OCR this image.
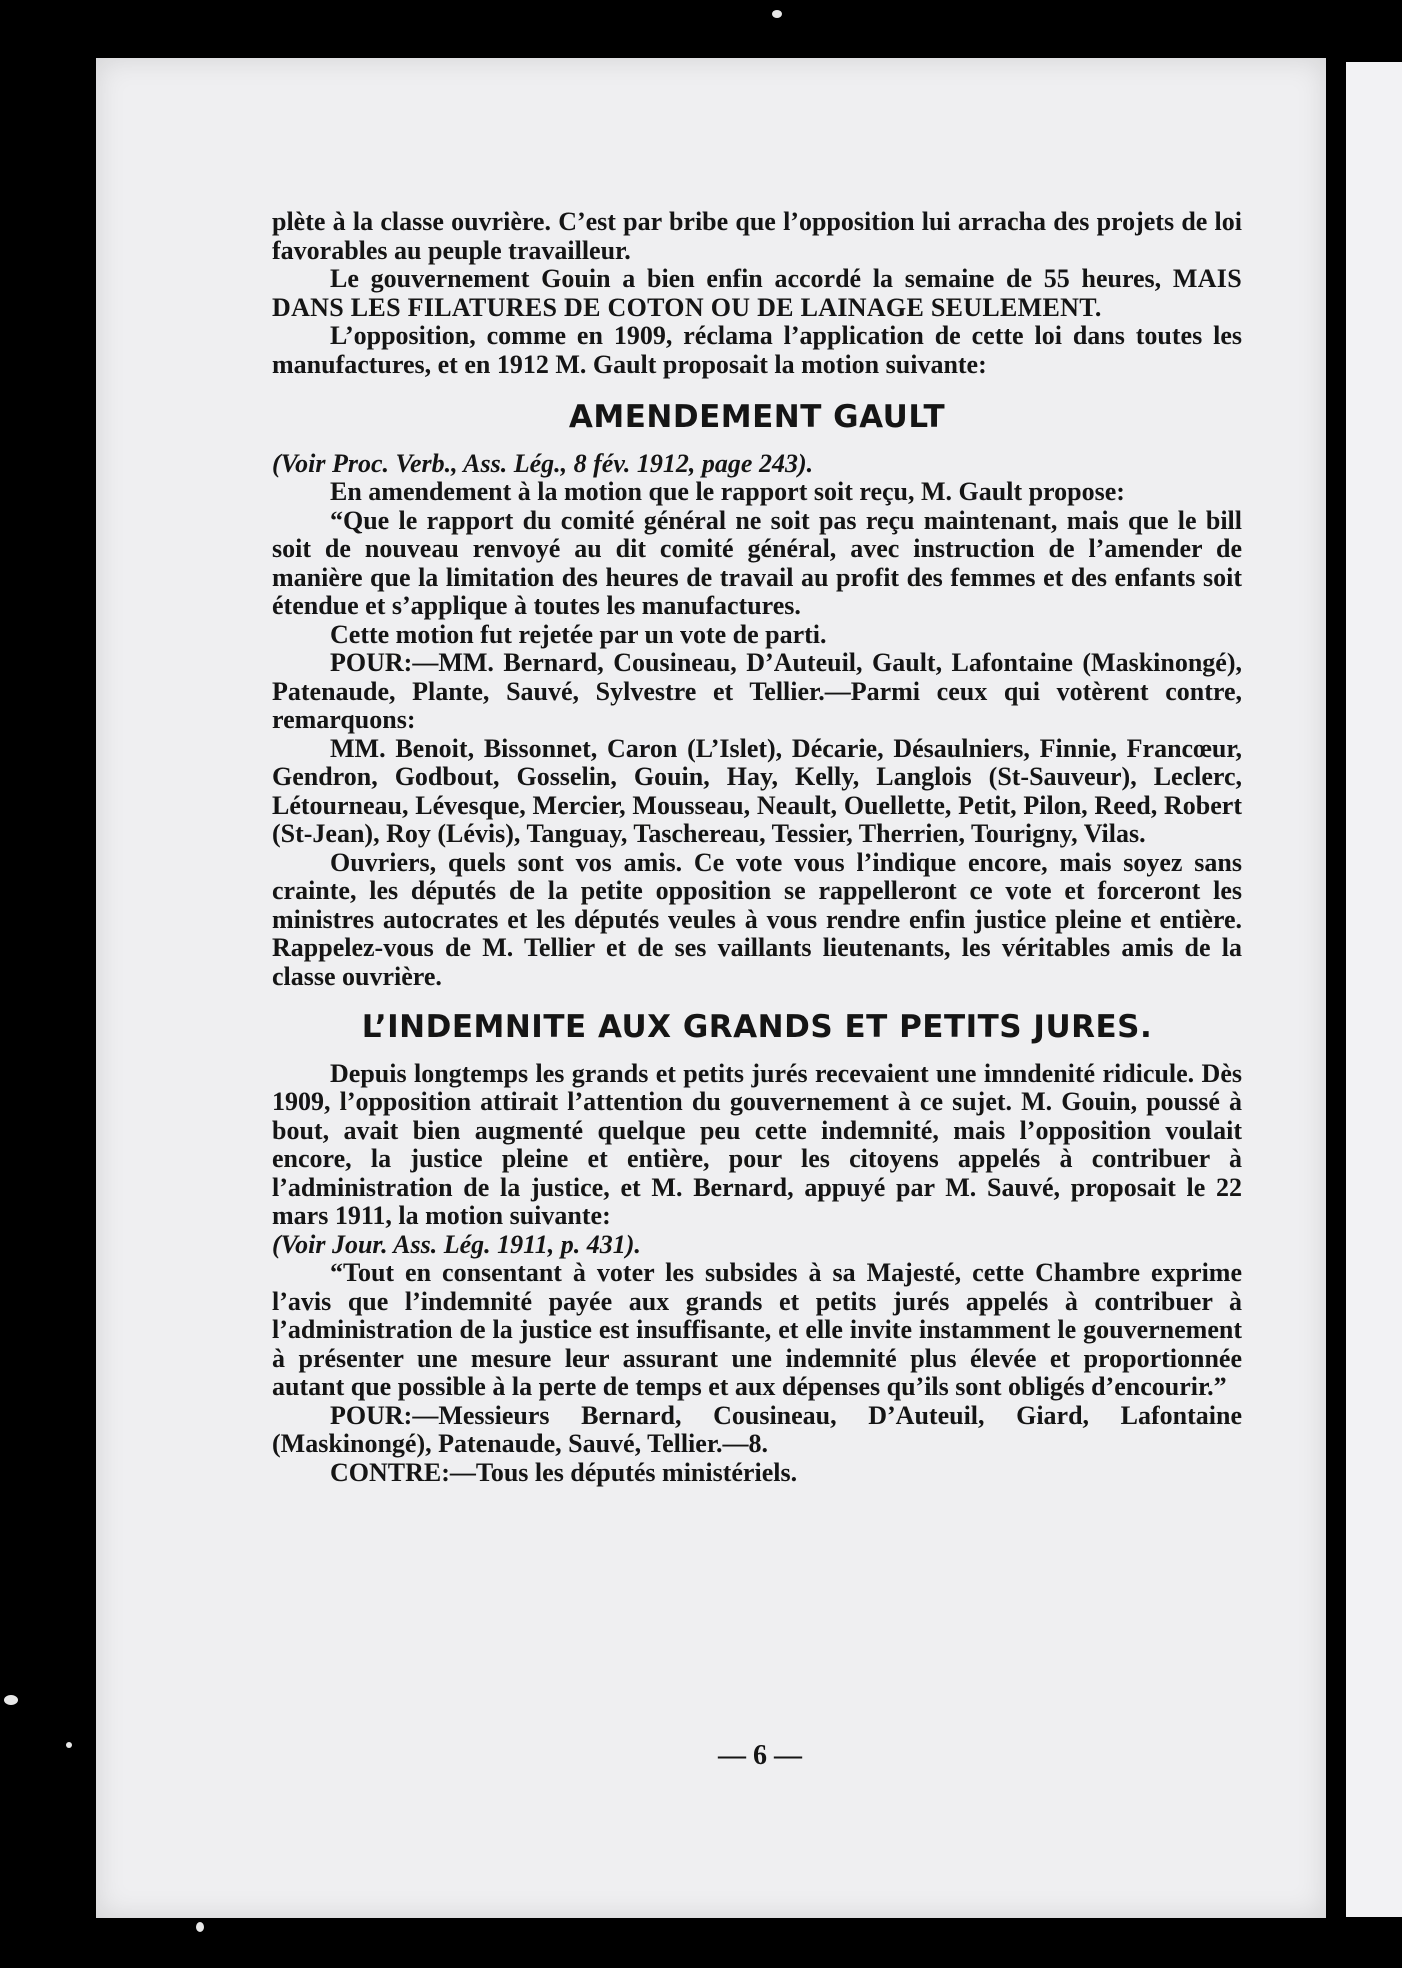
plète à la classe ouvrière. C’est par bribe que l’opposition lui arracha des projets de loi favorables au peuple travailleur.

Le gouvernement Gouin a bien enfin accordé la semaine de 55 heures, MAIS DANS LES FILATURES DE COTON OU DE LAINAGE SEULEMENT.

L’opposition, comme en 1909, réclama l’application de cette loi dans toutes les manufactures, et en 1912 M. Gault proposait la motion suivante:

AMENDEMENT GAULT

(Voir Proc. Verb., Ass. Lég., 8 fév. 1912, page 243).

En amendement à la motion que le rapport soit reçu, M. Gault propose:

“Que le rapport du comité général ne soit pas reçu maintenant, mais que le bill soit de nouveau renvoyé au dit comité général, avec instruction de l’amender de manière que la limitation des heures de travail au profit des femmes et des enfants soit étendue et s’applique à toutes les manufactures.

Cette motion fut rejetée par un vote de parti.

POUR:—MM. Bernard, Cousineau, D’Auteuil, Gault, Lafontaine (Maskinongé), Patenaude, Plante, Sauvé, Sylvestre et Tellier.—Parmi ceux qui votèrent contre, remarquons:

MM. Benoit, Bissonnet, Caron (L’Islet), Décarie, Désaulniers, Finnie, Francœur, Gendron, Godbout, Gosselin, Gouin, Hay, Kelly, Langlois (St-Sauveur), Leclerc, Létourneau, Lévesque, Mercier, Mousseau, Neault, Ouellette, Petit, Pilon, Reed, Robert (St-Jean), Roy (Lévis), Tanguay, Taschereau, Tessier, Therrien, Tourigny, Vilas.

Ouvriers, quels sont vos amis. Ce vote vous l’indique encore, mais soyez sans crainte, les députés de la petite opposition se rappelleront ce vote et forceront les ministres autocrates et les députés veules à vous rendre enfin justice pleine et entière. Rappelez-vous de M. Tellier et de ses vaillants lieutenants, les véritables amis de la classe ouvrière.

L’INDEMNITE AUX GRANDS ET PETITS JURES.

Depuis longtemps les grands et petits jurés recevaient une imndenité ridicule. Dès 1909, l’opposition attirait l’attention du gouvernement à ce sujet. M. Gouin, poussé à bout, avait bien augmenté quelque peu cette indemnité, mais l’opposition voulait encore, la justice pleine et entière, pour les citoyens appelés à contribuer à l’administration de la justice, et M. Bernard, appuyé par M. Sauvé, proposait le 22 mars 1911, la motion suivante:

(Voir Jour. Ass. Lég. 1911, p. 431).

“Tout en consentant à voter les subsides à sa Majesté, cette Chambre exprime l’avis que l’indemnité payée aux grands et petits jurés appelés à contribuer à l’administration de la justice est insuffisante, et elle invite instamment le gouvernement à présenter une mesure leur assurant une indemnité plus élevée et proportionnée autant que possible à la perte de temps et aux dépenses qu’ils sont obligés d’encourir.”

POUR:—Messieurs Bernard, Cousineau, D’Auteuil, Giard, Lafontaine (Maskinongé), Patenaude, Sauvé, Tellier.—8.

CONTRE:—Tous les députés ministériels.

— 6 —
